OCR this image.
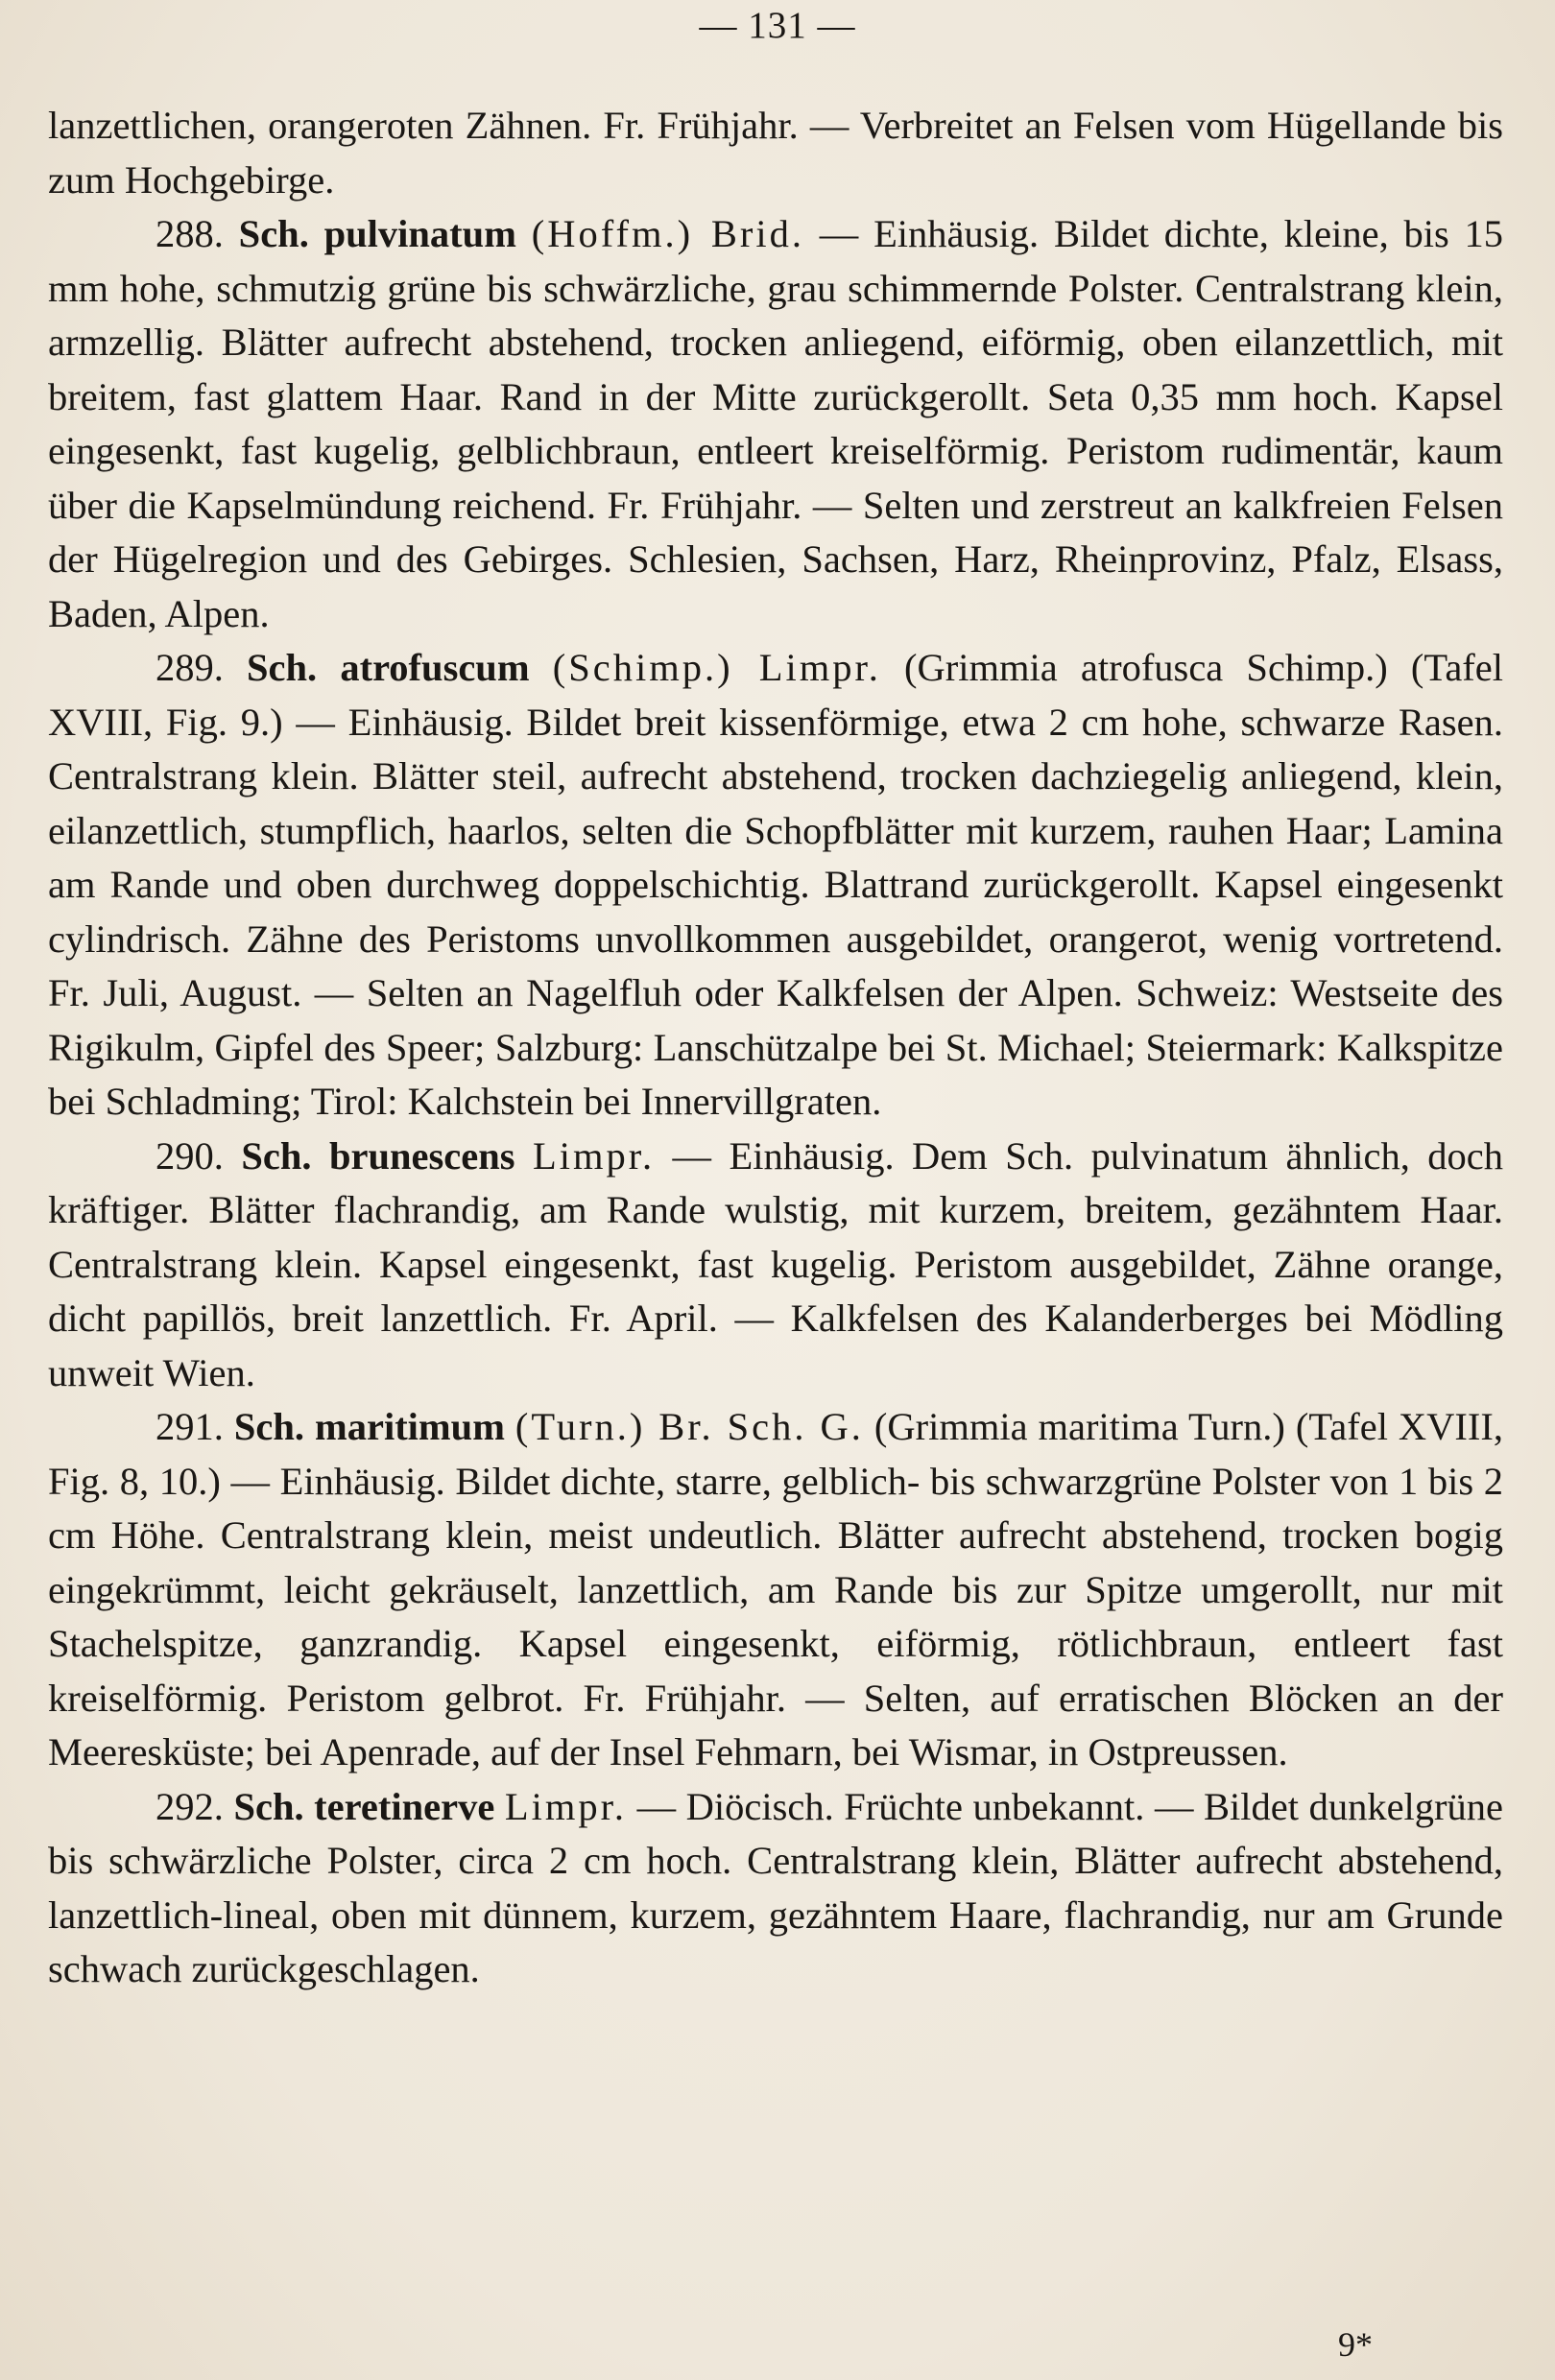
— 131 —

lanzettlichen, orangeroten Zähnen. Fr. Frühjahr. — Verbreitet an Felsen vom Hügellande bis zum Hochgebirge.

288. Sch. pulvinatum (Hoffm.) Brid. — Einhäusig. Bildet dichte, kleine, bis 15 mm hohe, schmutzig grüne bis schwärzliche, grau schimmernde Polster. Centralstrang klein, armzellig. Blätter aufrecht abstehend, trocken anliegend, eiförmig, oben eilanzettlich, mit breitem, fast glattem Haar. Rand in der Mitte zurückgerollt. Seta 0,35 mm hoch. Kapsel eingesenkt, fast kugelig, gelblichbraun, entleert kreiselförmig. Peristom rudimentär, kaum über die Kapselmündung reichend. Fr. Frühjahr. — Selten und zerstreut an kalkfreien Felsen der Hügelregion und des Gebirges. Schlesien, Sachsen, Harz, Rheinprovinz, Pfalz, Elsass, Baden, Alpen.

289. Sch. atrofuscum (Schimp.) Limpr. (Grimmia atrofusca Schimp.) (Tafel XVIII, Fig. 9.) — Einhäusig. Bildet breit kissenförmige, etwa 2 cm hohe, schwarze Rasen. Centralstrang klein. Blätter steil, aufrecht abstehend, trocken dachziegelig anliegend, klein, eilanzettlich, stumpflich, haarlos, selten die Schopfblätter mit kurzem, rauhen Haar; Lamina am Rande und oben durchweg doppelschichtig. Blattrand zurückgerollt. Kapsel eingesenkt cylindrisch. Zähne des Peristoms unvollkommen ausgebildet, orangerot, wenig vortretend. Fr. Juli, August. — Selten an Nagelfluh oder Kalkfelsen der Alpen. Schweiz: Westseite des Rigikulm, Gipfel des Speer; Salzburg: Lanschützalpe bei St. Michael; Steiermark: Kalkspitze bei Schladming; Tirol: Kalchstein bei Innervillgraten.

290. Sch. brunescens Limpr. — Einhäusig. Dem Sch. pulvinatum ähnlich, doch kräftiger. Blätter flachrandig, am Rande wulstig, mit kurzem, breitem, gezähntem Haar. Centralstrang klein. Kapsel eingesenkt, fast kugelig. Peristom ausgebildet, Zähne orange, dicht papillös, breit lanzettlich. Fr. April. — Kalkfelsen des Kalanderberges bei Mödling unweit Wien.

291. Sch. maritimum (Turn.) Br. Sch. G. (Grimmia maritima Turn.) (Tafel XVIII, Fig. 8, 10.) — Einhäusig. Bildet dichte, starre, gelblich- bis schwarzgrüne Polster von 1 bis 2 cm Höhe. Centralstrang klein, meist undeutlich. Blätter aufrecht abstehend, trocken bogig eingekrümmt, leicht gekräuselt, lanzettlich, am Rande bis zur Spitze umgerollt, nur mit Stachelspitze, ganzrandig. Kapsel eingesenkt, eiförmig, rötlichbraun, entleert fast kreiselförmig. Peristom gelbrot. Fr. Frühjahr. — Selten, auf erratischen Blöcken an der Meeresküste; bei Apenrade, auf der Insel Fehmarn, bei Wismar, in Ostpreussen.

292. Sch. teretinerve Limpr. — Diöcisch. Früchte unbekannt. — Bildet dunkelgrüne bis schwärzliche Polster, circa 2 cm hoch. Centralstrang klein, Blätter aufrecht abstehend, lanzettlich-lineal, oben mit dünnem, kurzem, gezähntem Haare, flachrandig, nur am Grunde schwach zurückgeschlagen.

9*
